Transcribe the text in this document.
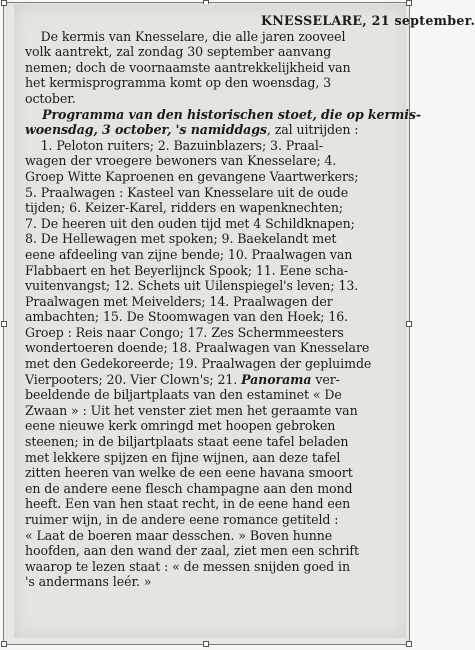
KNESSELARE, 21 september.
De kermis van Knesselare, die alle jaren zooveel
volk aantrekt, zal zondag 30 september aanvang
nemen; doch de voornaamste aantrekkelijkheid van
het kermisprogramma komt op den woensdag, 3
october.
Programma van den historischen stoet, die op kermis-
woensdag, 3 october, 's namiddags, zal uitrijden :
1. Peloton ruiters; 2. Bazuinblazers; 3. Praal-
wagen der vroegere bewoners van Knesselare; 4.
Groep Witte Kaproenen en gevangene Vaartwerkers;
5. Praalwagen : Kasteel van Knesselare uit de oude
tijden; 6. Keizer-Karel, ridders en wapenknechten;
7. De heeren uit den ouden tijd met 4 Schildknapen;
8. De Hellewagen met spoken; 9. Baekelandt met
eene afdeeling van zijne bende; 10. Praalwagen van
Flabbaert en het Beyerlijnck Spook; 11. Eene scha-
vuitenvangst; 12. Schets uit Uilenspiegel's leven; 13.
Praalwagen met Meivelders; 14. Praalwagen der
ambachten; 15. De Stoomwagen van den Hoek; 16.
Groep : Reis naar Congo; 17. Zes Schermmeesters
wondertoeren doende; 18. Praalwagen van Knesselare
met den Gedekoreerde; 19. Praalwagen der gepluimde
Vierpooters; 20. Vier Clown's; 21. Panorama ver-
beeldende de biljartplaats van den estaminet « De
Zwaan » : Uit het venster ziet men het geraamte van
eene nieuwe kerk omringd met hoopen gebroken
steenen; in de biljartplaats staat eene tafel beladen
met lekkere spijzen en fijne wijnen, aan deze tafel
zitten heeren van welke de een eene havana smoort
en de andere eene flesch champagne aan den mond
heeft. Een van hen staat recht, in de eene hand een
ruimer wijn, in de andere eene romance getiteld :
« Laat de boeren maar desschen. » Boven hunne
hoofden, aan den wand der zaal, ziet men een schrift
waarop te lezen staat : « de messen snijden goed in
's andermans leér. »
